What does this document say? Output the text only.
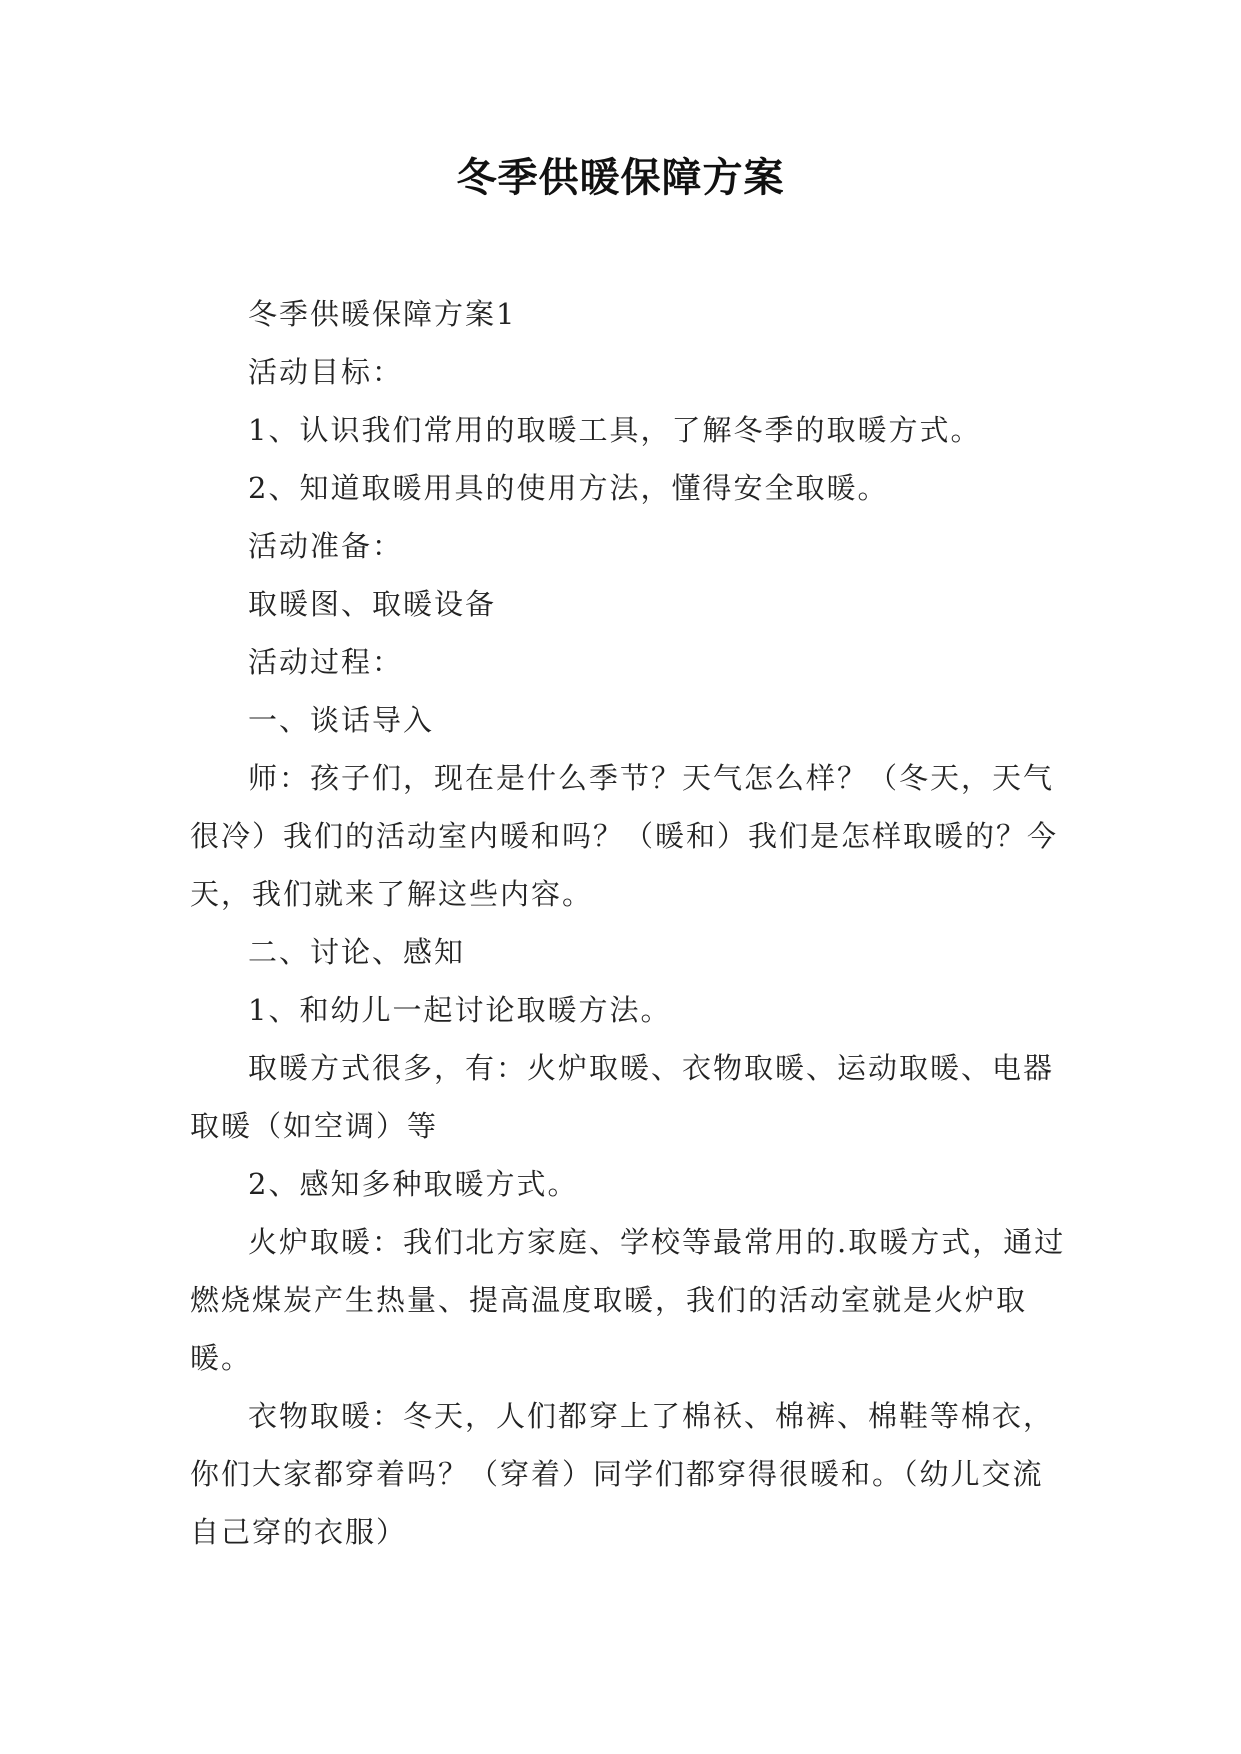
冬季供暖保障方案

冬季供暖保障方案1

活动目标：

1、认识我们常用的取暖工具，了解冬季的取暖方式。

2、知道取暖用具的使用方法，懂得安全取暖。

活动准备：

取暖图、取暖设备

活动过程：

一、谈话导入

师：孩子们，现在是什么季节？天气怎么样？（冬天，天气很冷）我们的活动室内暖和吗？（暖和）我们是怎样取暖的？今天，我们就来了解这些内容。

二、讨论、感知

1、和幼儿一起讨论取暖方法。

取暖方式很多，有：火炉取暖、衣物取暖、运动取暖、电器取暖（如空调）等

2、感知多种取暖方式。

火炉取暖：我们北方家庭、学校等最常用的.取暖方式，通过燃烧煤炭产生热量、提高温度取暖，我们的活动室就是火炉取暖。

衣物取暖：冬天，人们都穿上了棉袄、棉裤、棉鞋等棉衣，你们大家都穿着吗？（穿着）同学们都穿得很暖和。（幼儿交流自己穿的衣服）
